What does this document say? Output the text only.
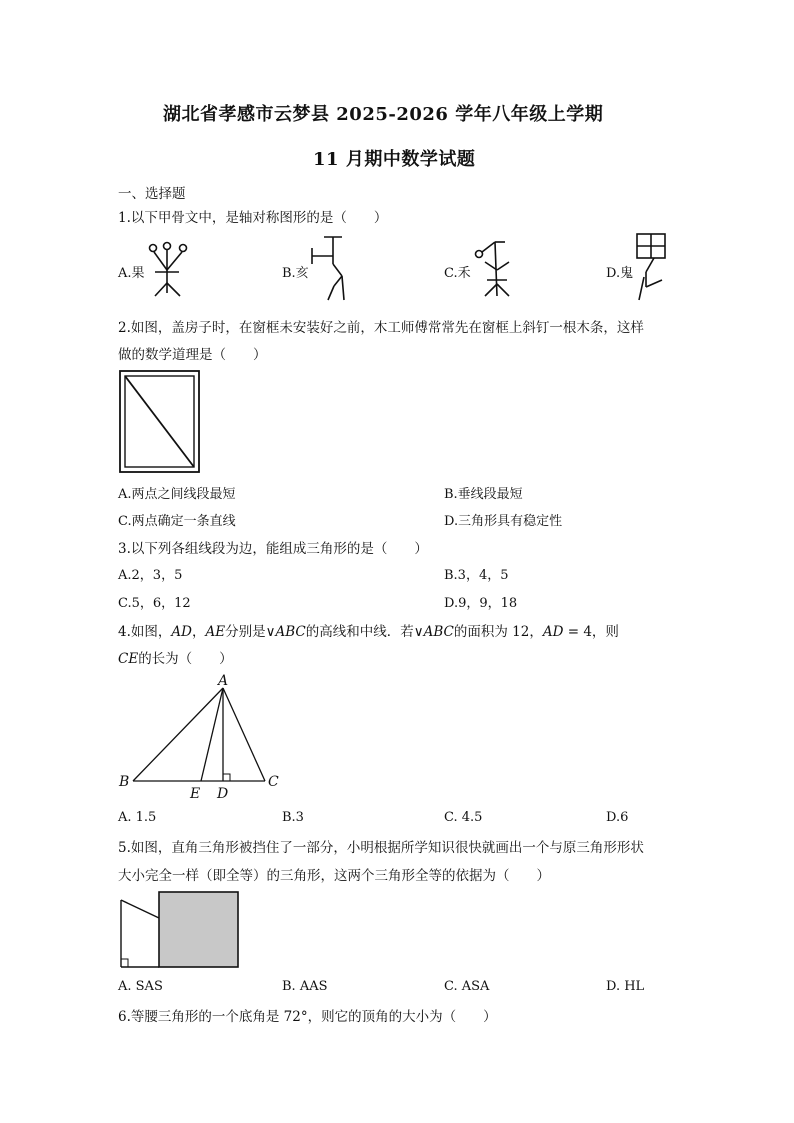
湖北省孝感市云梦县 2025-2026 学年八年级上学期
11 月期中数学试题
一、选择题
1.以下甲骨文中，是轴对称图形的是（　　）
A.果	B.亥	C.禾	D.鬼
2.如图，盖房子时，在窗框未安装好之前，木工师傅常常先在窗框上斜钉一根木条，这样
做的数学道理是（　　）
A.两点之间线段最短	B.垂线段最短
C.两点确定一条直线	D.三角形具有稳定性
3.以下列各组线段为边，能组成三角形的是（　　）
A.2，3，5	B.3，4，5
C.5，6，12	D.9，9，18
4.如图，AD，AE分别是∨ABC的高线和中线．若∨ABC的面积为 12，AD = 4，则
CE的长为（　　）
A
B	C
D
E
A. 1.5	B.3	C. 4.5	D.6
5.如图，直角三角形被挡住了一部分，小明根据所学知识很快就画出一个与原三角形形状
大小完全一样（即全等）的三角形，这两个三角形全等的依据为（　　）
A. SAS	B. AAS	C. ASA	D. HL
6.等腰三角形的一个底角是 72°，则它的顶角的大小为（　　）
